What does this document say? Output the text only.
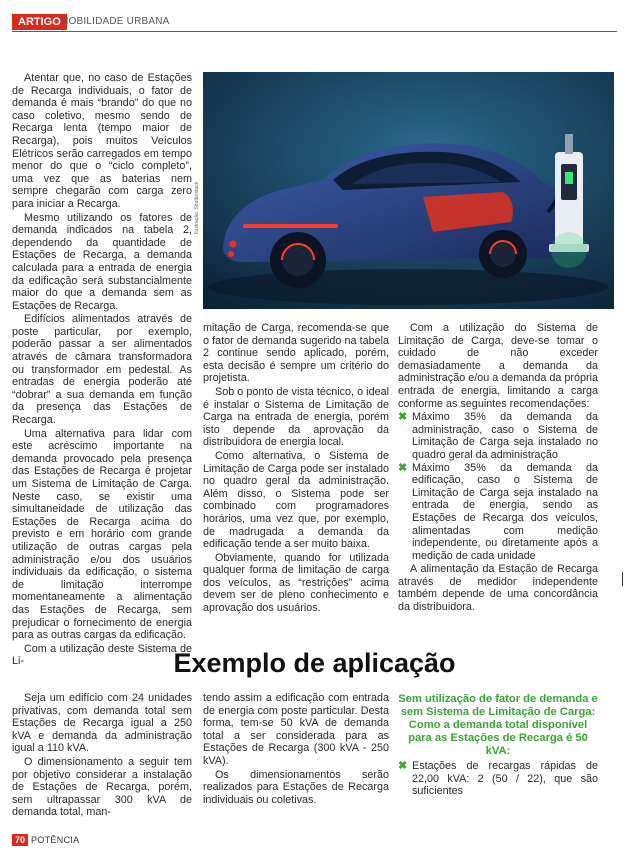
ARTIGO MOBILIDADE URBANA
Ilustração: Shutterstock

Atentar que, no caso de Estações de Recarga individuais, o fator de demanda é mais “brando” do que no caso coletivo, mesmo sendo de Recarga lenta (tempo maior de Recarga), pois muitos Veículos Elétricos serão carregados em tempo menor do que o “ciclo completo”, uma vez que as baterias nem sempre chegarão com carga zero para iniciar a Recarga.

Mesmo utilizando os fatores de demanda indicados na tabela 2, dependendo da quantidade de Estações de Recarga, a demanda calculada para a entrada de energia da edificação será substancialmente maior do que a demanda sem as Estações de Recarga.

Edifícios alimentados através de poste particular, por exemplo, poderão passar a ser alimentados através de câmara transformadora ou transformador em pedestal. As entradas de energia poderão até “dobrar” a sua demanda em função da presença das Estações de Recarga.

Uma alternativa para lidar com este acréscimo importante na demanda provocado pela presença das Estações de Recarga é projetar um Sistema de Limitação de Carga. Neste caso, se existir uma simultaneidade de utilização das Estações de Recarga acima do previsto e em horário com grande utilização de outras cargas pela administração e/ou dos usuários individuais da edificação, o sistema de limitação interrompe momentaneamente a alimentação das Estações de Recarga, sem prejudicar o fornecimento de energia para as outras cargas da edificação.

Com a utilização deste Sistema de Li-

mitação de Carga, recomenda-se que o fator de demanda sugerido na tabela 2 continue sendo aplicado, porém, esta decisão é sempre um critério do projetista.

Sob o ponto de vista técnico, o ideal é instalar o Sistema de Limitação de Carga na entrada de energia, porém isto depende da aprovação da distribuidora de energia local.

Como alternativa, o Sistema de Limitação de Carga pode ser instalado no quadro geral da administração. Além disso, o Sistema pode ser combinado com programadores horários, uma vez que, por exemplo, de madrugada a demanda da edificação tende a ser muito baixa.

Obviamente, quando for utilizada qualquer forma de limitação de carga dos veículos, as “restrições” acima devem ser de pleno conhecimento e aprovação dos usuários.

Com a utilização do Sistema de Limitação de Carga, deve-se tomar o cuidado de não exceder demasiadamente a demanda da administração e/ou a demanda da própria entrada de energia, limitando a carga conforme as seguintes recomendações:

✖ Máximo 35% da demanda da administração, caso o Sistema de Limitação de Carga seja instalado no quadro geral da administração
✖ Máximo 35% da demanda da edificação, caso o Sistema de Limitação de Carga seja instalado na entrada de energia, sendo as Estações de Recarga dos veículos, alimentadas com medição independente, ou diretamente após a medição de cada unidade

A alimentação da Estação de Recarga através de medidor independente também depende de uma concordância da distribuidora.

Exemplo de aplicação

Seja um edifício com 24 unidades privativas, com demanda total sem Estações de Recarga igual a 250 kVA e demanda da administração igual a 110 kVA.

O dimensionamento a seguir tem por objetivo considerar a instalação de Estações de Recarga, porém, sem ultrapassar 300 kVA de demanda total, man-

tendo assim a edificação com entrada de energia com poste particular. Desta forma, tem-se 50 kVA de demanda total a ser considerada para as Estações de Recarga (300 kVA - 250 kVA).

Os dimensionamentos serão realizados para Estações de Recarga individuais ou coletivas.

Sem utilização de fator de demanda e sem Sistema de Limitação de Carga: Como a demanda total disponível para as Estações de Recarga é 50 kVA:
✖ Estações de recargas rápidas de 22,00 kVA: 2 (50 / 22), que são suficientes
70 POTÊNCIA
